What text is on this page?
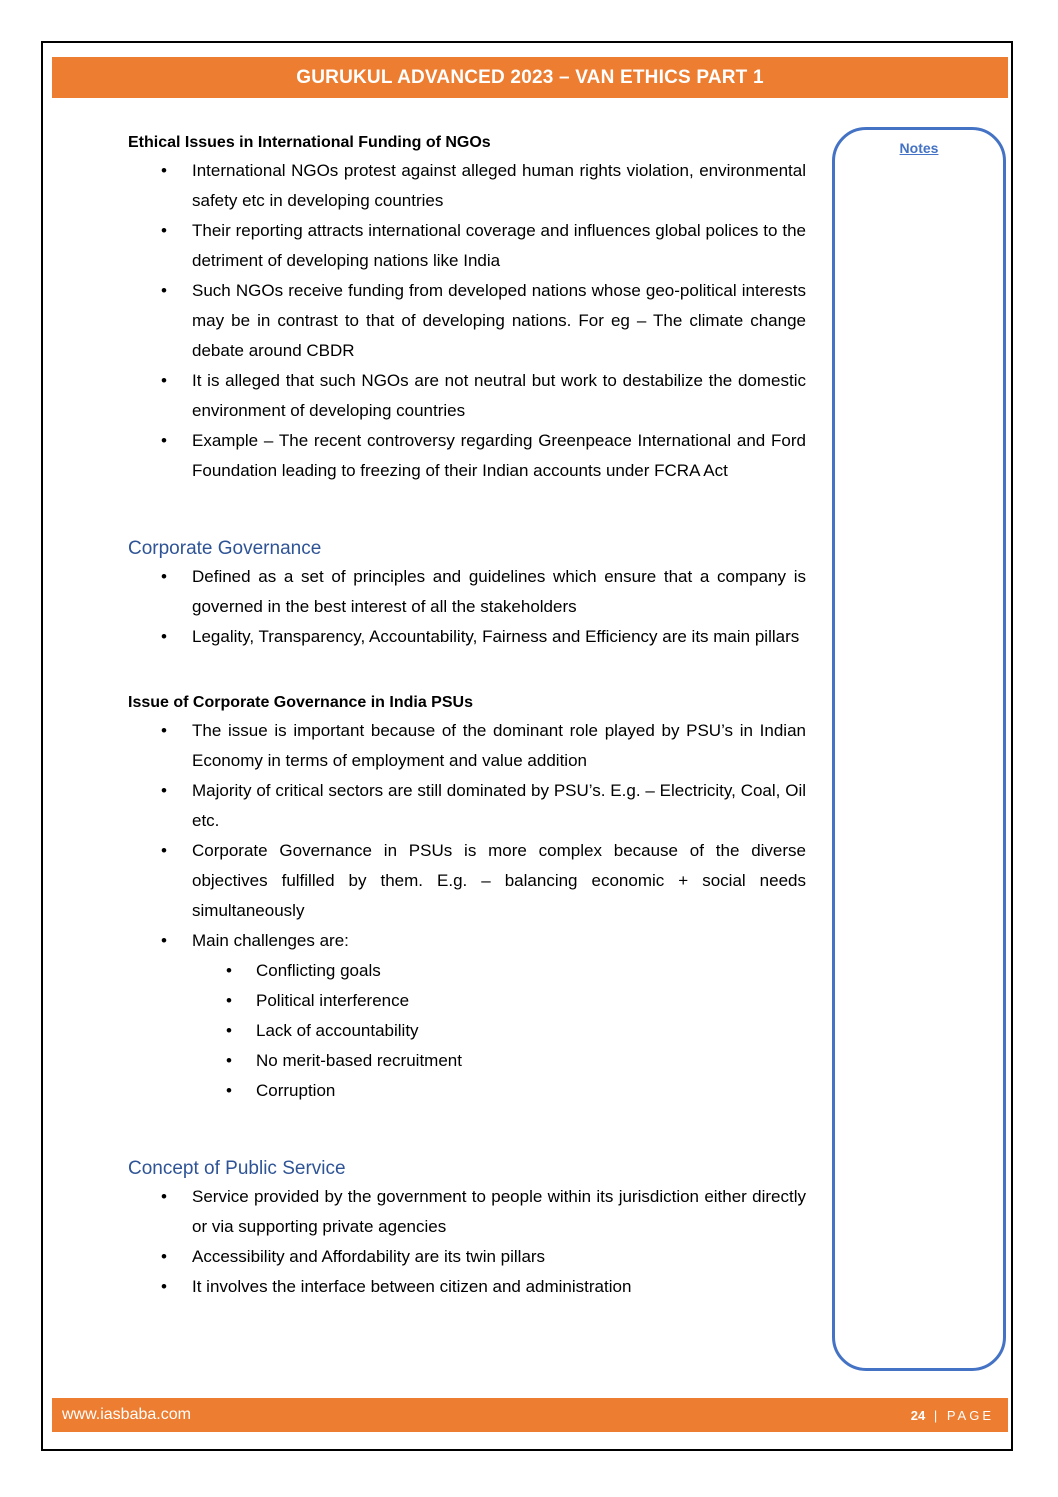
GURUKUL ADVANCED 2023 – VAN ETHICS PART 1
Notes
Ethical Issues in International Funding of NGOs
• International NGOs protest against alleged human rights violation, environmental safety etc in developing countries
• Their reporting attracts international coverage and influences global polices to the detriment of developing nations like India
• Such NGOs receive funding from developed nations whose geo-political interests may be in contrast to that of developing nations. For eg – The climate change debate around CBDR
• It is alleged that such NGOs are not neutral but work to destabilize the domestic environment of developing countries
• Example – The recent controversy regarding Greenpeace International and Ford Foundation leading to freezing of their Indian accounts under FCRA Act
Corporate Governance
• Defined as a set of principles and guidelines which ensure that a company is governed in the best interest of all the stakeholders
• Legality, Transparency, Accountability, Fairness and Efficiency are its main pillars
Issue of Corporate Governance in India PSUs
• The issue is important because of the dominant role played by PSU’s in Indian Economy in terms of employment and value addition
• Majority of critical sectors are still dominated by PSU’s. E.g. – Electricity, Coal, Oil etc.
• Corporate Governance in PSUs is more complex because of the diverse objectives fulfilled by them. E.g. – balancing economic + social needs simultaneously
• Main challenges are:
• Conflicting goals
• Political interference
• Lack of accountability
• No merit-based recruitment
• Corruption
Concept of Public Service
• Service provided by the government to people within its jurisdiction either directly or via supporting private agencies
• Accessibility and Affordability are its twin pillars
• It involves the interface between citizen and administration
www.iasbaba.com	24 | PAGE
